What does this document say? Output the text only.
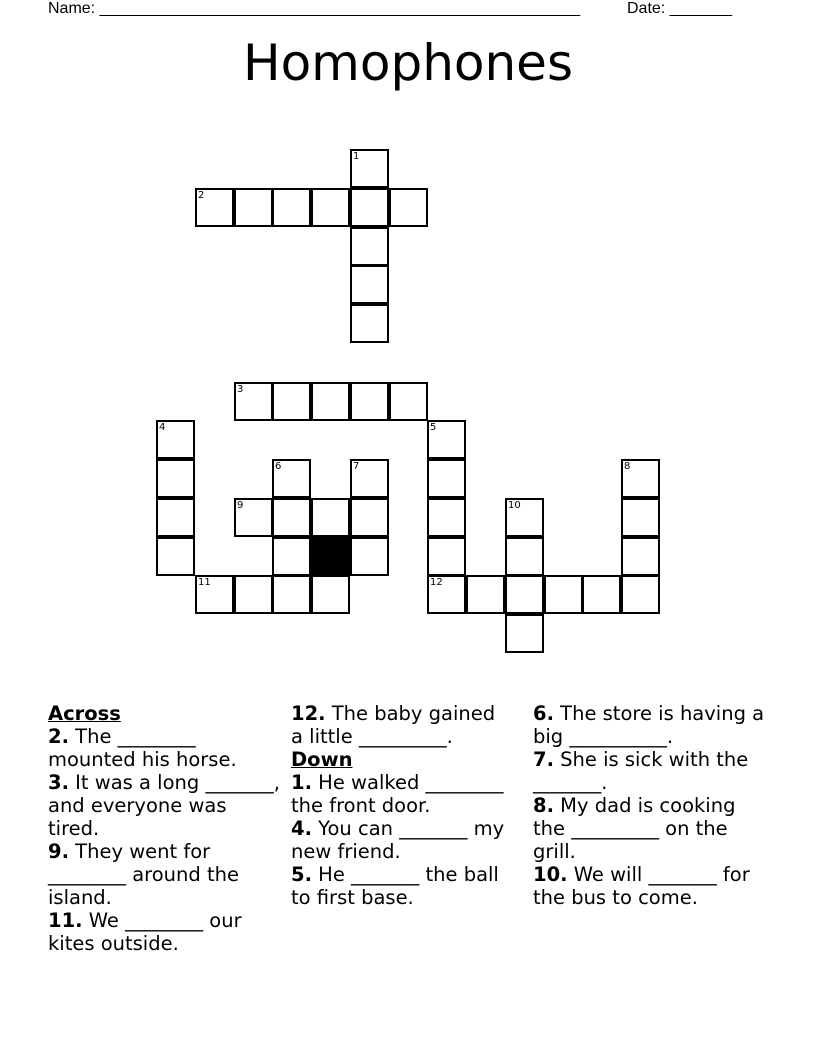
Name: ______________________________________________________	Date: _______
Homophones
1
2
3
4	5
6	7	8
9	10
11	12
Across
2. The ________ mounted his horse.
3. It was a long _______, and everyone was tired.
9. They went for ________ around the island.
11. We ________ our kites outside.
12. The baby gained a little _________.
Down
1. He walked ________ the front door.
4. You can _______ my new friend.
5. He _______ the ball to first base.
6. The store is having a big __________.
7. She is sick with the _______.
8. My dad is cooking the _________ on the grill.
10. We will _______ for the bus to come.
